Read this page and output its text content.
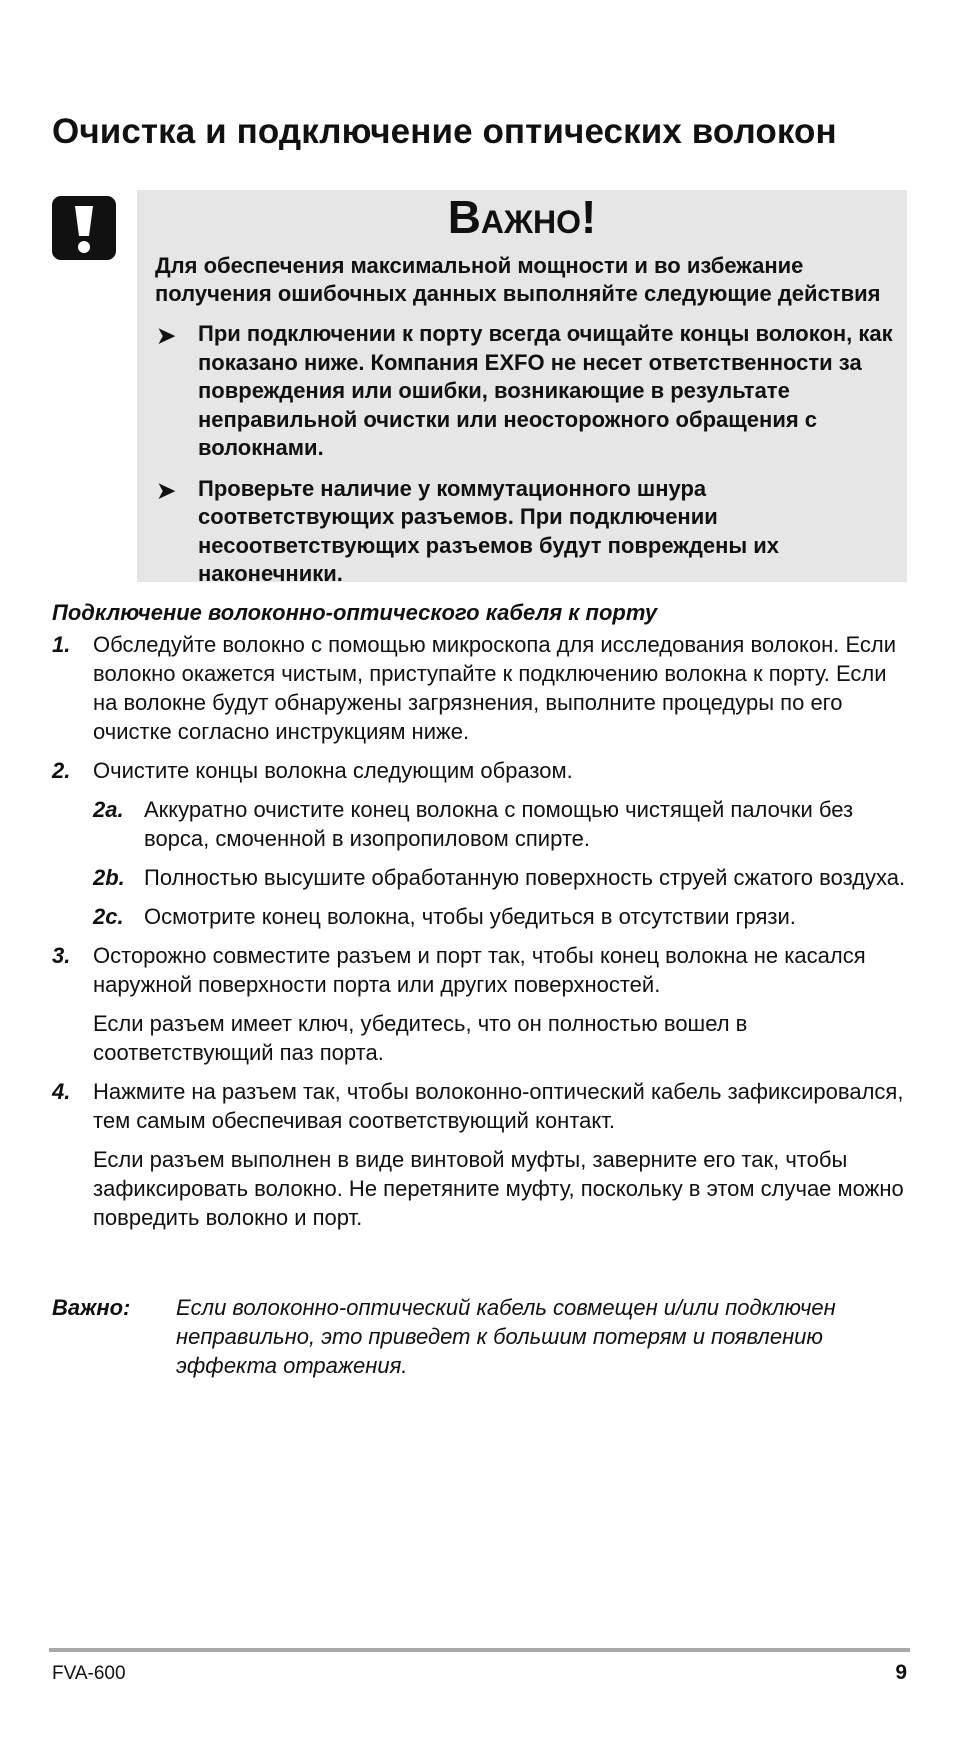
Очистка и подключение оптических волокон
Важно!
Для обеспечения максимальной мощности и во избежание получения ошибочных данных выполняйте следующие действия
➤ При подключении к порту всегда очищайте концы волокон, как показано ниже. Компания EXFO не несет ответственности за повреждения или ошибки, возникающие в результате неправильной очистки или неосторожного обращения с волокнами.
➤ Проверьте наличие у коммутационного шнура соответствующих разъемов. При подключении несоответствующих разъемов будут повреждены их наконечники.
Подключение волоконно-оптического кабеля к порту
1. Обследуйте волокно с помощью микроскопа для исследования волокон. Если волокно окажется чистым, приступайте к подключению волокна к порту. Если на волокне будут обнаружены загрязнения, выполните процедуры по его очистке согласно инструкциям ниже.

2. Очистите концы волокна следующим образом.

2a. Аккуратно очистите конец волокна с помощью чистящей палочки без ворса, смоченной в изопропиловом спирте.
2b. Полностью высушите обработанную поверхность струей сжатого воздуха.
2c. Осмотрите конец волокна, чтобы убедиться в отсутствии грязи.
3. Осторожно совместите разъем и порт так, чтобы конец волокна не касался наружной поверхности порта или других поверхностей.

Если разъем имеет ключ, убедитесь, что он полностью вошел в соответствующий паз порта.

4. Нажмите на разъем так, чтобы волоконно-оптический кабель зафиксировался, тем самым обеспечивая соответствующий контакт.

Если разъем выполнен в виде винтовой муфты, заверните его так, чтобы зафиксировать волокно. Не перетяните муфту, поскольку в этом случае можно повредить волокно и порт.

Важно: Если волоконно-оптический кабель совмещен и/или подключен неправильно, это приведет к большим потерям и появлению эффекта отражения.
FVA-600	9
